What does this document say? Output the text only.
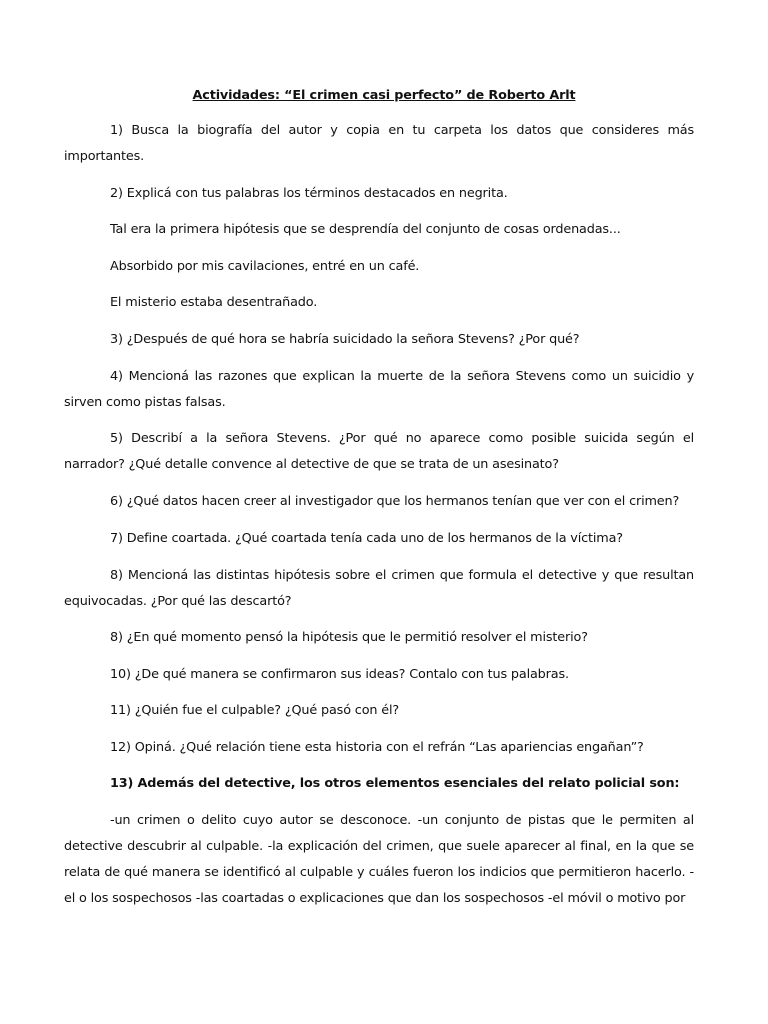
Actividades: “El crimen casi perfecto” de Roberto Arlt

1) Busca la biografía del autor y copia en tu carpeta los datos que consideres más importantes.

2) Explicá con tus palabras los términos destacados en negrita.

Tal era la primera hipótesis que se desprendía del conjunto de cosas ordenadas...

Absorbido por mis cavilaciones, entré en un café.

El misterio estaba desentrañado.

3) ¿Después de qué hora se habría suicidado la señora Stevens? ¿Por qué?

4) Mencioná las razones que explican la muerte de la señora Stevens como un suicidio y sirven como pistas falsas.

5) Describí a la señora Stevens. ¿Por qué no aparece como posible suicida según el narrador? ¿Qué detalle convence al detective de que se trata de un asesinato?

6) ¿Qué datos hacen creer al investigador que los hermanos tenían que ver con el crimen?

7) Define coartada. ¿Qué coartada tenía cada uno de los hermanos de la víctima?

8) Mencioná las distintas hipótesis sobre el crimen que formula el detective y que resultan equivocadas. ¿Por qué las descartó?

8) ¿En qué momento pensó la hipótesis que le permitió resolver el misterio?

10) ¿De qué manera se confirmaron sus ideas? Contalo con tus palabras.

11) ¿Quién fue el culpable? ¿Qué pasó con él?

12) Opiná. ¿Qué relación tiene esta historia con el refrán “Las apariencias engañan”?

13) Además del detective, los otros elementos esenciales del relato policial son:

-un crimen o delito cuyo autor se desconoce. -un conjunto de pistas que le permiten al detective descubrir al culpable. -la explicación del crimen, que suele aparecer al final, en la que se relata de qué manera se identificó al culpable y cuáles fueron los indicios que permitieron hacerlo. -el o los sospechosos -las coartadas o explicaciones que dan los sospechosos -el móvil o motivo por
